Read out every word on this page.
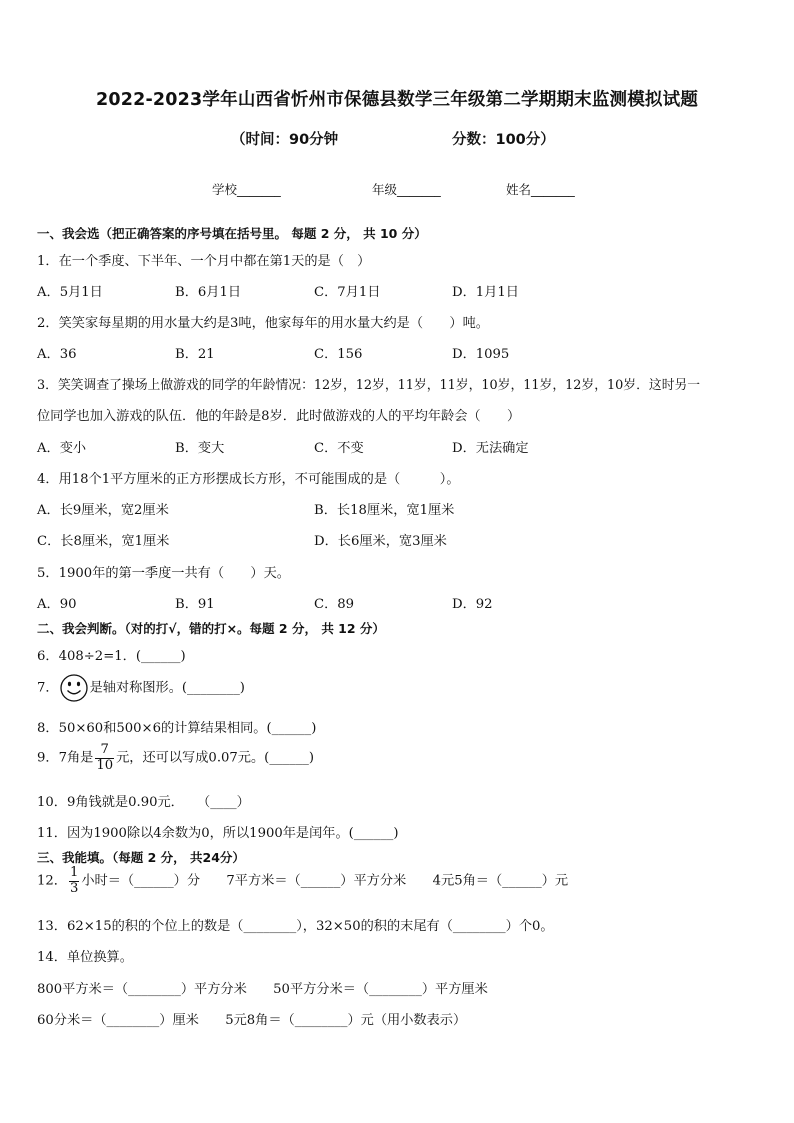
2022-2023学年山西省忻州市保德县数学三年级第二学期期末监测模拟试题
（时间：90分钟	分数：100分）
学校_______	年级_______	姓名_______
一、我会选（把正确答案的序号填在括号里。 每题 2 分， 共 10 分）
1．在一个季度、下半年、一个月中都在第1天的是（　）
A．5月1日	B．6月1日	C．7月1日	D．1月1日
2．笑笑家每星期的用水量大约是3吨，他家每年的用水量大约是（　　）吨。
A．36	B．21	C．156	D．1095
3．笑笑调查了操场上做游戏的同学的年龄情况：12岁，12岁，11岁，11岁，10岁，11岁，12岁，10岁．这时另一
位同学也加入游戏的队伍．他的年龄是8岁．此时做游戏的人的平均年龄会（　　）
A．变小	B．变大	C．不变	D．无法确定
4．用18个1平方厘米的正方形摆成长方形，不可能围成的是（　　　）。
A．长9厘米，宽2厘米	B．长18厘米，宽1厘米
C．长8厘米，宽1厘米	D．长6厘米，宽3厘米
5．1900年的第一季度一共有（　　）天。
A．90	B．91	C．89	D．92
二、我会判断。（对的打√，错的打×。每题 2 分， 共 12 分）
6．408÷2=1．(______)
7． 是轴对称图形。(________)
8．50×60和500×6的计算结果相同。(______)
9．7角是 $\frac{7}{10}$ 元，还可以写成0.07元。(______)
10．9角钱就是0.90元．　　（____）
11．因为1900除以4余数为0，所以1900年是闰年。(______)
三、我能填。（每题 2 分， 共24分）
12． $\frac{1}{3}$ 小时＝（______）分　　7平方米＝（______）平方分米　　4元5角＝（______）元
13．62×15的积的个位上的数是（________），32×50的积的末尾有（________）个0。
14．单位换算。
800平方米＝（________）平方分米　　50平方分米＝（________）平方厘米
60分米＝（________）厘米　　5元8角＝（________）元（用小数表示）
